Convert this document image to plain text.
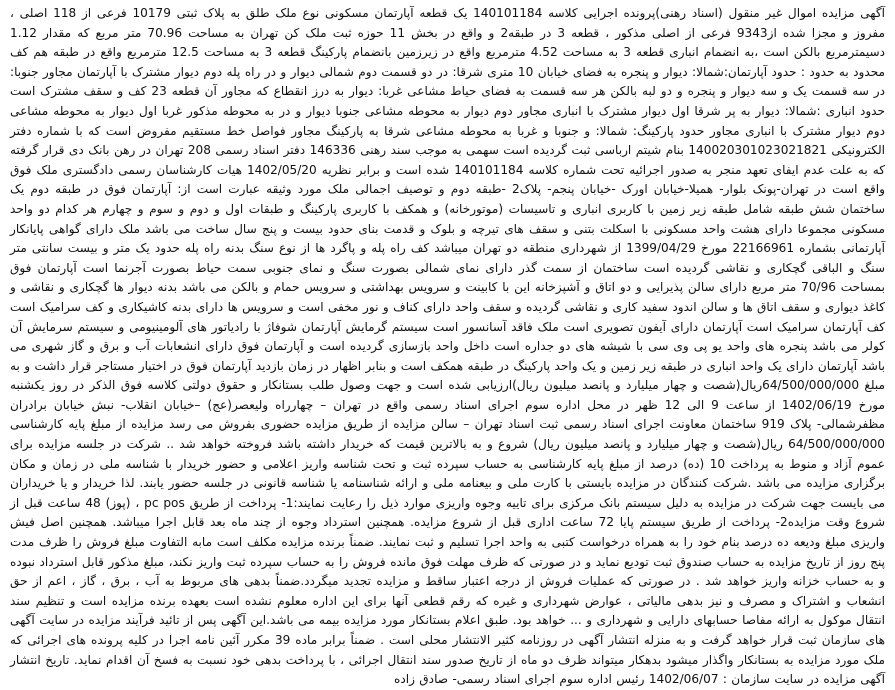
آگهی مزایده اموال غیر منقول (اسناد رهنی)پرونده اجرایی کلاسه 140101184 یک قطعه آپارتمان مسکونی نوع ملک طلق به پلاک ثبتی 10179 فرعی از 118 اصلی ، مفروز و مجزا شده از9343 فرعی از اصلی مذکور ، قطعه 3 در طبقه2 و واقع در بخش 11 حوزه ثبت ملک کن تهران به مساحت 70.96 متر مربع که مقدار 1.12 دسیمترمربع بالکن است ،به انضمام انباری قطعه 3 به مساحت 4.52 مترمربع واقع در زیرزمین بانضمام پارکینگ قطعه 3 به مساحت 12.5 مترمربع واقع در طبقه هم کف محدود به حدود : حدود آپارتمان:شمالا: دیوار و پنجره به فضای خیابان 10 متری شرقا: در دو قسمت دوم شمالی دیوار و در راه پله دوم دیوار مشترک با آپارتمان مجاور جنوبا: در سه قسمت یک و سه دیوار و پنجره و دو لبه بالکن هر سه قسمت به فضای حیاط مشاعی غربا: دیوار به درز انقطاع که مجاور آن قطعه 23 کف و سقف مشترک است حدود انباری :شمالا: دیوار به پر شرقا اول دیوار مشترک با انباری مجاور دوم دیوار به محوطه مشاعی جنوبا دیوار و در به محوطه مذکور غربا اول دیوار به محوطه مشاعی دوم دیوار مشترک با انباری مجاور حدود پارکینگ: شمالا: و جنوبا و غربا به محوطه مشاعی شرقا به پارکینگ مجاور فواصل خط مستقیم مفروض است که با شماره دفتر الکترونیکی 140020301023021821 بنام شیتم ارباسی ثبت گردیده است سهمی به موجب سند رهنی 146336 دفتر اسناد رسمی 208 تهران در رهن بانک دی قرار گرفته که به علت عدم ایفای تعهد منجر به صدور اجرائیه تحت شماره کلاسه 140101184 شده است و برابر نظریه 1402/05/20 هیات کارشناسان رسمی دادگستری ملک فوق واقع است در تهران-پونک بلوار- همیلا-خیابان اورک -خیابان پنجم- پلاک2 -طبقه دوم و توصیف اجمالی ملک مورد وثیقه عبارت است از: آپارتمان فوق در طبقه دوم یک ساختمان شش طبقه شامل طبقه زیر زمین با کاربری انباری و تاسیسات (موتورخانه) و همکف با کاربری پارکینگ و طبقات اول و دوم و سوم و چهارم هر کدام دو واحد مسکونی مجموعا دارای هشت واحد مسکونی با اسکلت بتنی و سقف های تیرچه و بلوک و قدمت بنای حدود بیست و پنج سال ساخت می باشد ملک دارای گواهی پایانکار آپارتمانی بشماره 22166961 مورخ 1399/04/29 از شهرداری منطقه دو تهران میباشد کف راه پله و پاگرد ها از نوع سنگ بدنه راه پله حدود یک متر و بیست سانتی متر سنگ و الباقی گچکاری و نقاشی گردیده است ساختمان از سمت گذر دارای نمای شمالی بصورت سنگ و نمای جنوبی سمت حیاط بصورت آجرنما است آپارتمان فوق بمساحت 70/96 متر مربع دارای سالن پذیرایی و دو اتاق و آشپزخانه این با کابینت و سرویس بهداشتی و سرویس حمام و بالکن می باشد بدنه دیوار ها گچکاری و نقاشی و کاغذ دیواری و سقف اتاق ها و سالن اندود سفید کاری و نقاشی گردیده و سقف واحد دارای کناف و نور مخفی است و سرویس ها دارای بدنه کاشیکاری و کف سرامیک است کف آپارتمان سرامیک است آپارتمان دارای آیفون تصویری است ملک فاقد آسانسور است سیستم گرمایش آپارتمان شوفاژ با رادیاتور های آلومینیومی و سیستم سرمایش آن کولر می باشد پنجره های واحد یو پی وی سی با شیشه های دو جداره است داخل واحد بازسازی گردیده است و آپارتمان فوق دارای انشعابات آب و برق و گاز شهری می باشد آپارتمان دارای یک واحد انباری در طبقه زیر زمین و یک واحد پارکینگ در طبقه همکف است و بنابر اظهار در زمان بازدید آپارتمان فوق در اختیار مستاجر قرار داشت و به مبلغ 64/500/000/000ریال(شصت و چهار میلیارد و پانصد میلیون ریال)ارزیابی شده است و جهت وصول طلب بستانکار و حقوق دولتی کلاسه فوق الذکر در روز یکشنبه مورخ 1402/06/19 از ساعت 9 الی 12 ظهر در محل اداره سوم اجرای اسناد رسمی واقع در تهران – چهارراه ولیعصر(عج) –خیابان انقلاب- نبش خیابان برادران مظفرشمالی- پلاک 919 ساختمان معاونت اجرای اسناد رسمی ثبت اسناد تهران – سالن مزایده از طریق مزایده حضوری بفروش می رسد مزایده از مبلغ پایه کارشناسی 64/500/000/000 ریال(شصت و چهار میلیارد و پانصد میلیون ریال) شروع و به بالاترین قیمت که خریدار داشته باشد فروخته خواهد شد .. شرکت در جلسه مزایده برای عموم آزاد و منوط به پرداخت 10 (ده) درصد از مبلغ پایه کارشناسی به حساب سپرده ثبت و تحت شناسه واریز اعلامی و حضور خریدار با شناسه ملی در زمان و مکان برگزاری مزایده می باشد .شرکت کنندگان در مزایده بایستی با کارت ملی و بیعنامه ملی و ارائه شناسنامه یا شناسه قانونی در جلسه حضور یابند. لذا خریدار و یا خریداران می بایست جهت شرکت در مزایده به دلیل سیستم بانک مرکزی برای تاییه وجوه واریزی موارد ذیل را رعایت نمایند:1- پرداخت از طریق pc pos ، (پوز) 48 ساعت قبل از شروع وقت مزایده2- پرداخت از طریق سیستم پایا 72 ساعت اداری قبل از شروع مزایده. همچنین استرداد وجوه از چند ماه بعد قابل اجرا میباشد. همچنین اصل فیش واریزی مبلغ ودیعه ده درصد بنام خود را به همراه درخواست کتبی به واحد اجرا تسلیم و ثبت نمایند. ضمناً برنده مزایده مکلف است مابه التفاوت مبلغ فروش را ظرف مدت پنج روز از تاریخ مزایده به حساب صندوق ثبت تودیع نماید و در صورتی که ظرف مهلت فوق مانده فروش را به حساب سپرده ثبت واریز نکند، مبلغ مذکور قابل استرداد نبوده و به حساب خزانه واریز خواهد شد . در صورتی که عملیات فروش از درجه اعتبار ساقط و مزایده تجدید میگردد.ضمناً بدهی های مربوط به آب ، برق ، گاز ، اعم از حق انشعاب و اشتراک و مصرف و نیز بدهی مالیاتی ، عوارض شهرداری و غیره که رقم قطعی آنها برای این اداره معلوم نشده است بعهده برنده مزایده است و تنظیم سند انتقال موکول به ارائه مفاصا حسابهای دارایی و شهرداری و ... خواهد بود. طبق اعلام بستانکار مورد مزایده بیمه می باشد.این آگهی پس از تائید فرآیند مزایده در سایت آگهی های سازمان ثبت قرار خواهد گرفت و به منزله انتشار آگهی در روزنامه کثیر الانتشار محلی است . ضمناً برابر ماده 39 مکرر آئین نامه اجرا در کلیه پرونده های اجرائی که ملک مورد مزایده به بستانکار واگذار میشود بدهکار میتواند ظرف دو ماه از تاریخ صدور سند انتقال اجرائی ، با پرداخت بدهی خود نسبت به فسخ آن اقدام نماید. تاریخ انتشار آگهی مزایده در سایت سازمان : 1402/06/07 رئیس اداره سوم اجرای اسناد رسمی- صادق زاده
